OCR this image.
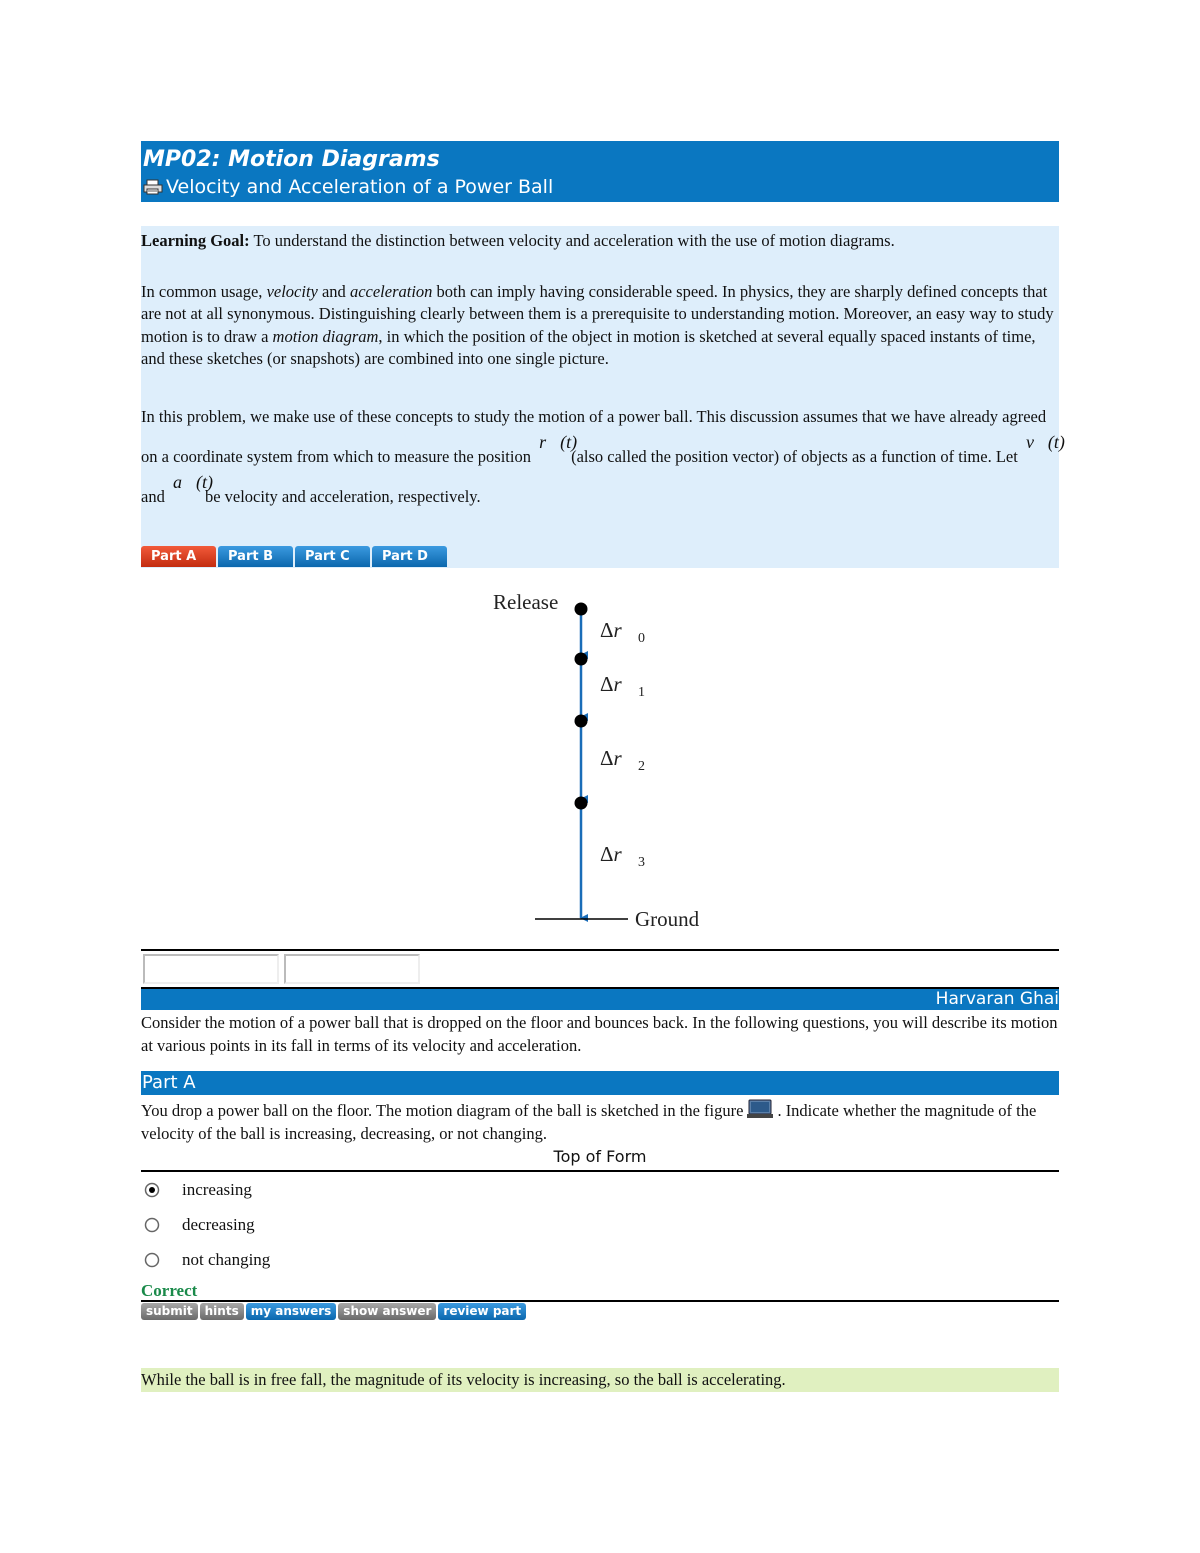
MP02: Motion Diagrams
Velocity and Acceleration of a Power Ball

Learning Goal: To understand the distinction between velocity and acceleration with the use of motion diagrams.

In common usage, velocity and acceleration both can imply having considerable speed. In physics, they are sharply defined concepts that are not at all synonymous. Distinguishing clearly between them is a prerequisite to understanding motion. Moreover, an easy way to study motion is to draw a motion diagram, in which the position of the object in motion is sketched at several equally spaced instants of time, and these sketches (or snapshots) are combined into one single picture.

In this problem, we make use of these concepts to study the motion of a power ball. This discussion assumes that we have already agreed on a coordinate system from which to measure the position
r⃗(t)
(also called the position vector) of objects as a function of time. Let
v⃗(t)
and
a⃗(t)
be velocity and acceleration, respectively.

Part A	Part B	Part C	Part D
Release
Ground
$\Delta r⃗_0$
$\Delta r⃗_1$
$\Delta r⃗_2$
$\Delta r⃗_3$
Harvaran Ghai
Consider the motion of a power ball that is dropped on the floor and bounces back. In the following questions, you will describe its motion at various points in its fall in terms of its velocity and acceleration.
Part A
You drop a power ball on the floor. The motion diagram of the ball is sketched in the figure . Indicate whether the magnitude of the velocity of the ball is increasing, decreasing, or not changing.
Top of Form
increasing
decreasing
not changing
Correct
submit	hints	my answers	show answer	review part
While the ball is in free fall, the magnitude of its velocity is increasing, so the ball is accelerating.
